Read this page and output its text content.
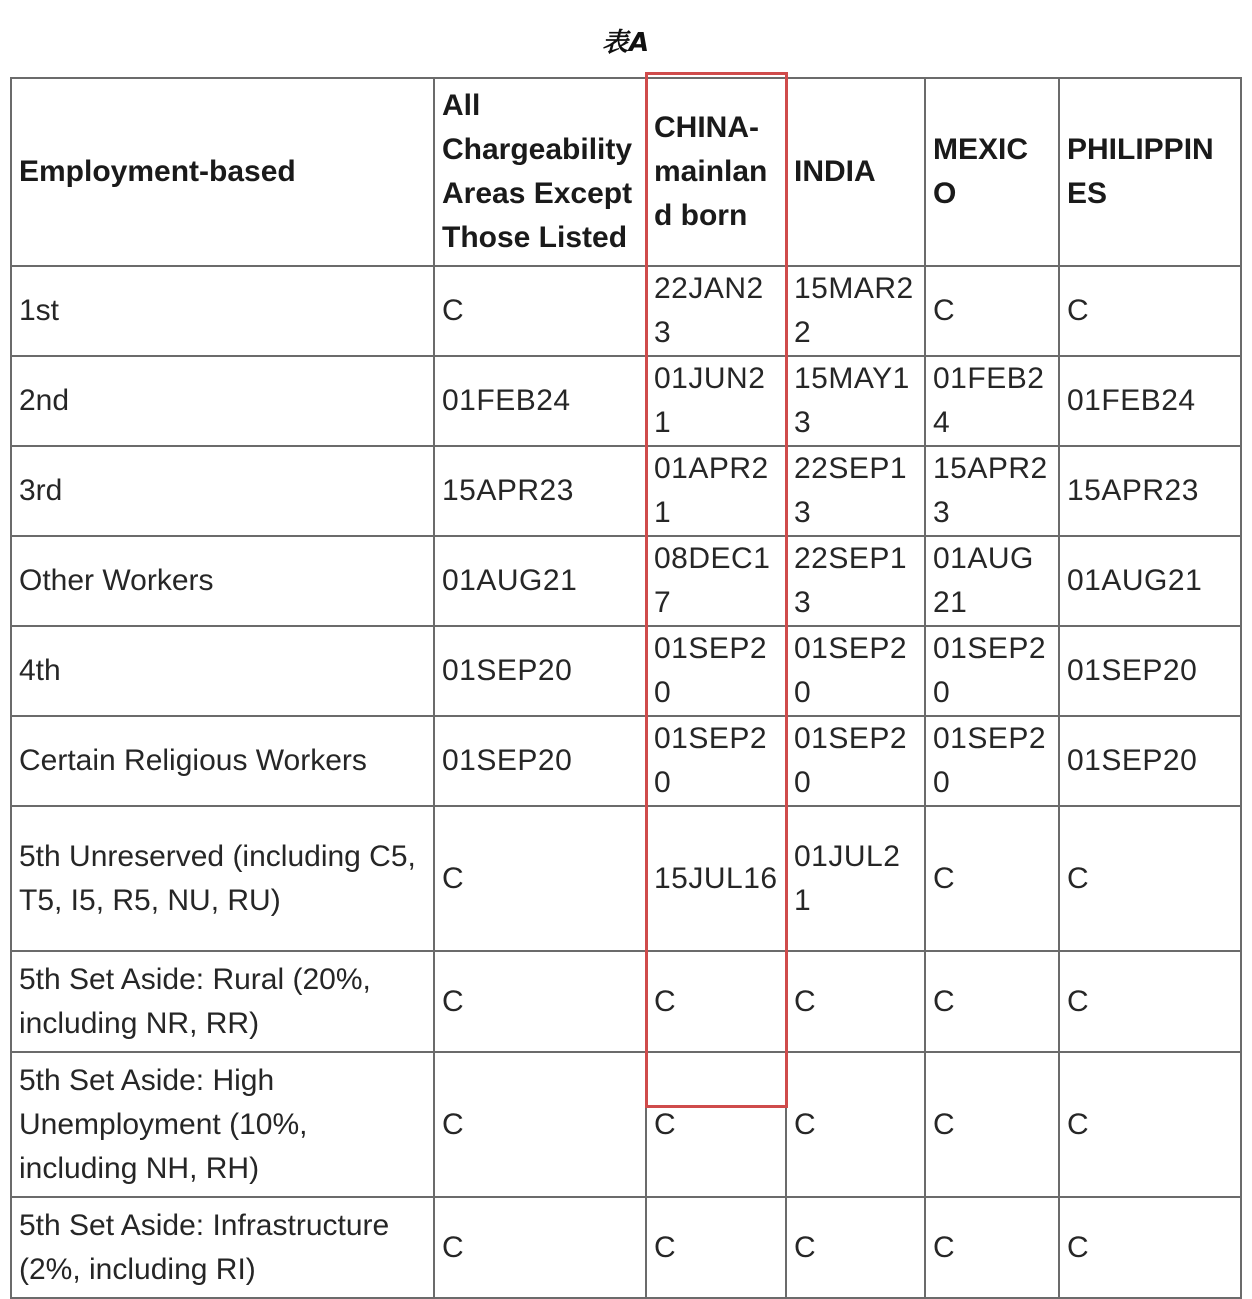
表A
Employment-based	All Chargeability Areas Except Those Listed	CHINA-mainland born	INDIA	MEXICO	PHILIPPINES
1st	C	22JAN23	15MAR22	C	C
2nd	01FEB24	01JUN21	15MAY13	01FEB24	01FEB24
3rd	15APR23	01APR21	22SEP13	15APR23	15APR23
Other Workers	01AUG21	08DEC17	22SEP13	01AUG21	01AUG21
4th	01SEP20	01SEP20	01SEP20	01SEP20	01SEP20
Certain Religious Workers	01SEP20	01SEP20	01SEP20	01SEP20	01SEP20
5th Unreserved (including C5, T5, I5, R5, NU, RU)	C	15JUL16	01JUL21	C	C
5th Set Aside: Rural (20%, including NR, RR)	C	C	C	C	C
5th Set Aside: High Unemployment (10%, including NH, RH)	C	C	C	C	C
5th Set Aside: Infrastructure (2%, including RI)	C	C	C	C	C
